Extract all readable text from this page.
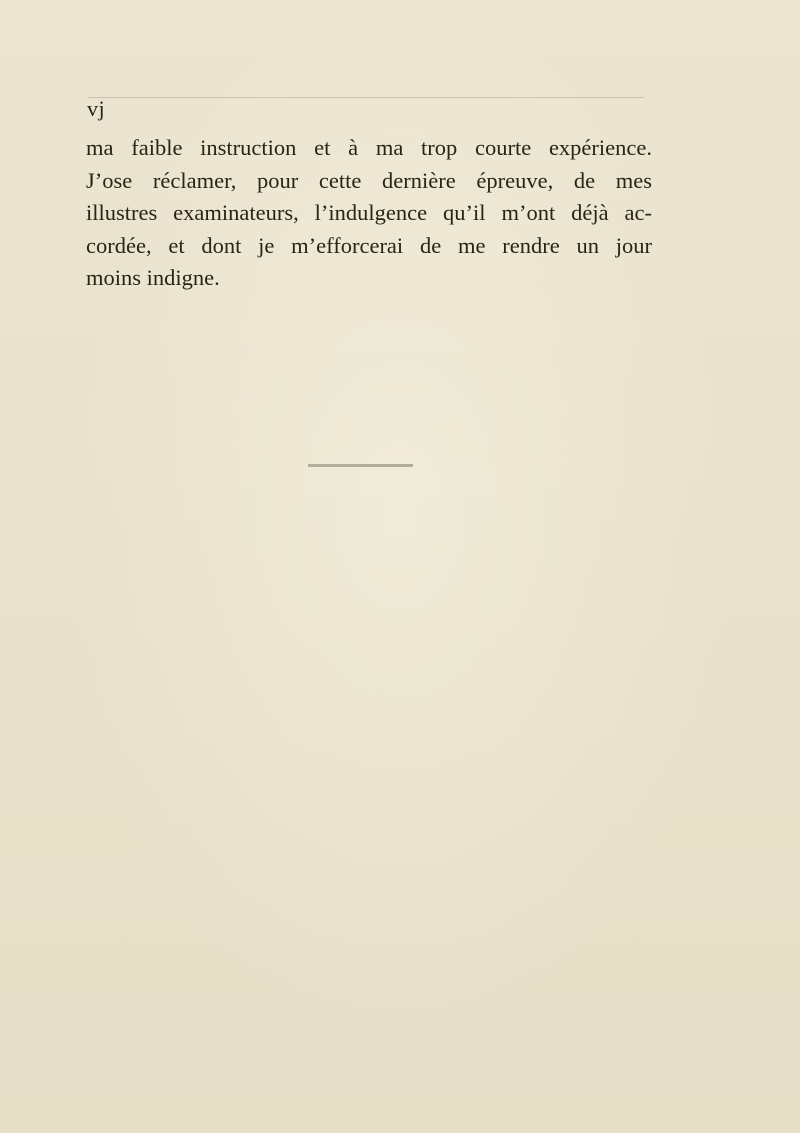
vj

ma faible instruction et à ma trop courte expérience.
J’ose réclamer, pour cette dernière épreuve, de mes
illustres examinateurs, l’indulgence qu’il m’ont déjà ac-
cordée, et dont je m’efforcerai de me rendre un jour
moins indigne.
